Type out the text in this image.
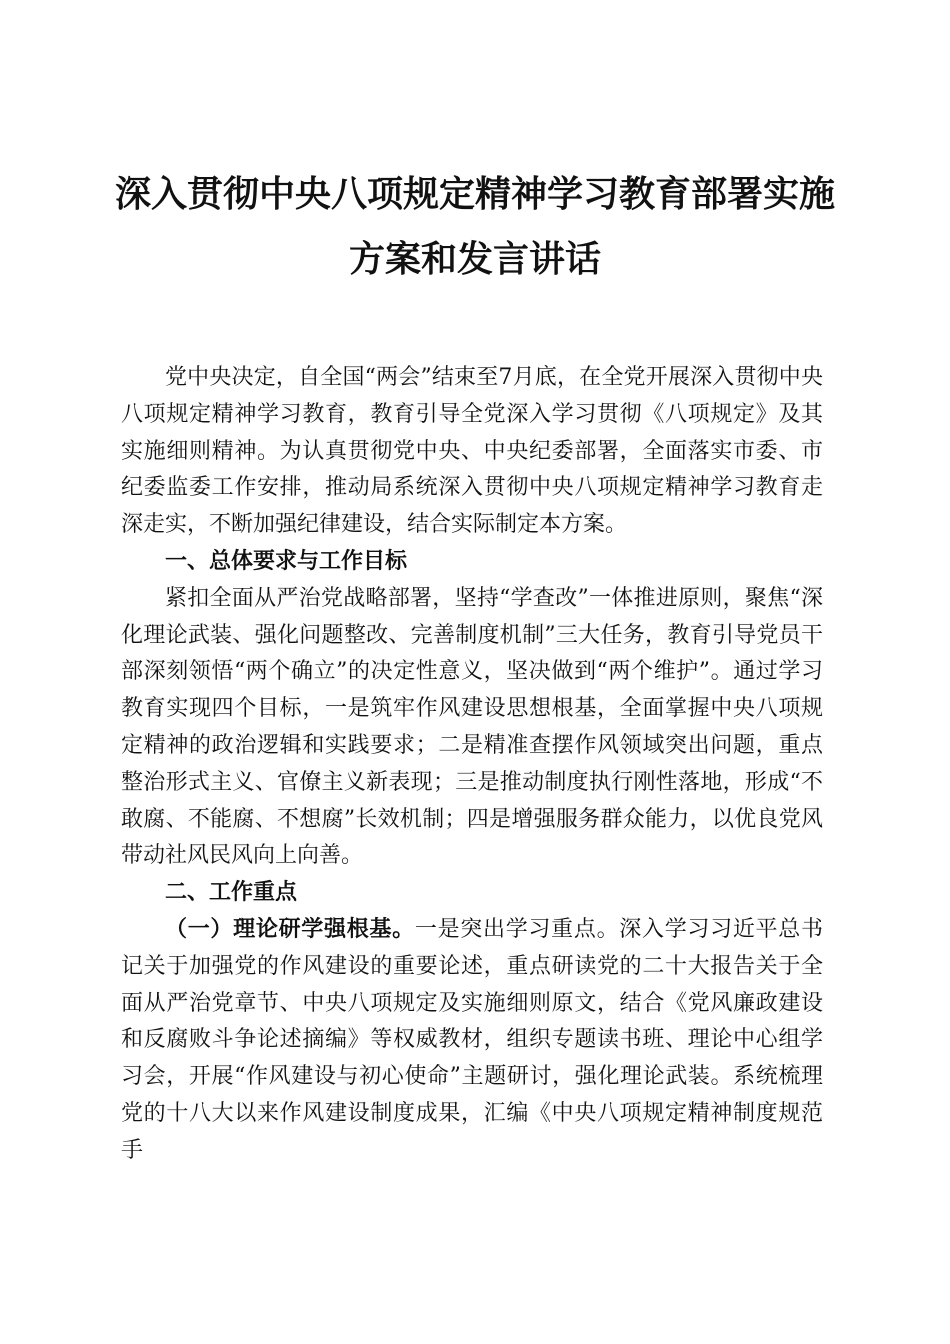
深入贯彻中央八项规定精神学习教育部署实施
方案和发言讲话

党中央决定，自全国“两会”结束至7月底，在全党开展深入贯彻中央八项规定精神学习教育，教育引导全党深入学习贯彻《八项规定》及其实施细则精神。为认真贯彻党中央、中央纪委部署，全面落实市委、市纪委监委工作安排，推动局系统深入贯彻中央八项规定精神学习教育走深走实，不断加强纪律建设，结合实际制定本方案。

一、总体要求与工作目标

紧扣全面从严治党战略部署，坚持“学查改”一体推进原则，聚焦“深化理论武装、强化问题整改、完善制度机制”三大任务，教育引导党员干部深刻领悟“两个确立”的决定性意义，坚决做到“两个维护”。通过学习教育实现四个目标，一是筑牢作风建设思想根基，全面掌握中央八项规定精神的政治逻辑和实践要求；二是精准查摆作风领域突出问题，重点整治形式主义、官僚主义新表现；三是推动制度执行刚性落地，形成“不敢腐、不能腐、不想腐”长效机制；四是增强服务群众能力，以优良党风带动社风民风向上向善。

二、工作重点

（一）理论研学强根基。一是突出学习重点。深入学习习近平总书记关于加强党的作风建设的重要论述，重点研读党的二十大报告关于全面从严治党章节、中央八项规定及实施细则原文，结合《党风廉政建设和反腐败斗争论述摘编》等权威教材，组织专题读书班、理论中心组学习会，开展“作风建设与初心使命”主题研讨，强化理论武装。系统梳理党的十八大以来作风建设制度成果，汇编《中央八项规定精神制度规范手
